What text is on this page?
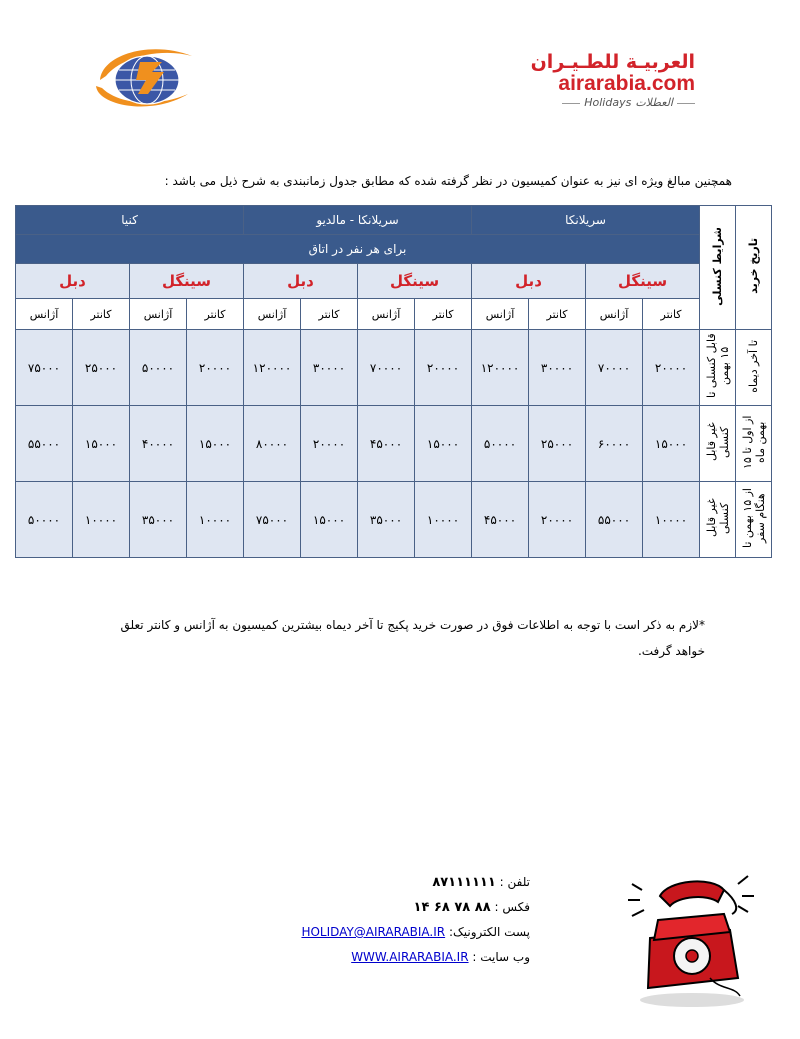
العربيـة للطـيـران
airarabia.com
Holidays العطلات
همچنین مبالغ ویژه ای نیز به عنوان کمیسیون در نظر گرفته شده که مطابق جدول زمانبندی به شرح ذیل می باشد :
تاریخ خرید	شرایط کنسلی	سریلانکا				سریلانکا - مالدیو				کنیا			
		برای هر نفر در اتاق											
		سینگل		دبل		سینگل		دبل		سینگل		دبل	
		کانتر	آژانس	کانتر	آژانس	کانتر	آژانس	کانتر	آژانس	کانتر	آژانس	کانتر	آژانس
تا آخر دیماه	قابل کنسلی تا ۱۵ بهمن	۲۰۰۰۰	۷۰۰۰۰	۳۰۰۰۰	۱۲۰۰۰۰	۲۰۰۰۰	۷۰۰۰۰	۳۰۰۰۰	۱۲۰۰۰۰	۲۰۰۰۰	۵۰۰۰۰	۲۵۰۰۰	۷۵۰۰۰
از اول تا ۱۵ بهمن ماه	غیر قابل کنسلی	۱۵۰۰۰	۶۰۰۰۰	۲۵۰۰۰	۵۰۰۰۰	۱۵۰۰۰	۴۵۰۰۰	۲۰۰۰۰	۸۰۰۰۰	۱۵۰۰۰	۴۰۰۰۰	۱۵۰۰۰	۵۵۰۰۰
از ۱۵ بهمن تا هنگام سفر	غیر قابل کنسلی	۱۰۰۰۰	۵۵۰۰۰	۲۰۰۰۰	۴۵۰۰۰	۱۰۰۰۰	۳۵۰۰۰	۱۵۰۰۰	۷۵۰۰۰	۱۰۰۰۰	۳۵۰۰۰	۱۰۰۰۰	۵۰۰۰۰
*لازم به ذکر است با توجه به اطلاعات فوق در صورت خرید پکیج تا آخر دیماه بیشترین کمیسیون به آژانس و کانتر تعلق خواهد گرفت.
تلفن : ۸۷۱۱۱۱۱۱
فکس : ۸۸ ۷۸ ۶۸ ۱۴
پست الکترونیک: HOLIDAY@AIRARABIA.IR
وب سایت : WWW.AIRARABIA.IR
